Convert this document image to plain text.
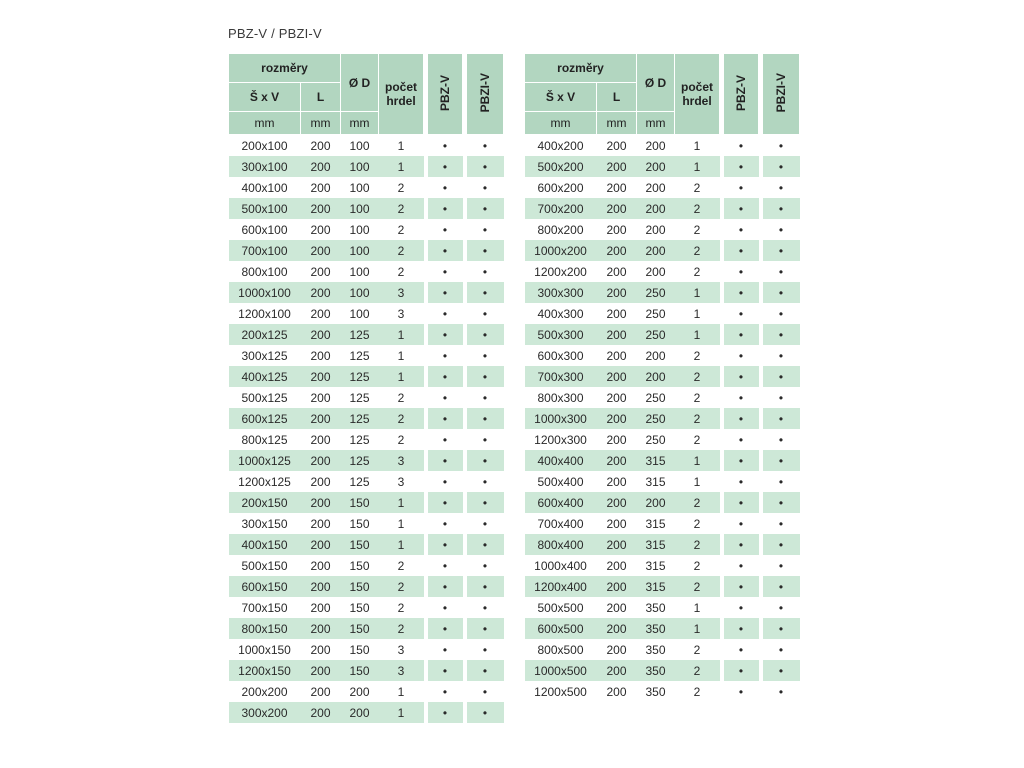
PBZ-V / PBZI-V
rozměry		Ø D	počet hrdel		PBZ-V		PBZI-V
Š x V	L						
mm	mm	mm					
200x100	200	100	1		•		•
300x100	200	100	1		•		•
400x100	200	100	2		•		•
500x100	200	100	2		•		•
600x100	200	100	2		•		•
700x100	200	100	2		•		•
800x100	200	100	2		•		•
1000x100	200	100	3		•		•
1200x100	200	100	3		•		•
200x125	200	125	1		•		•
300x125	200	125	1		•		•
400x125	200	125	1		•		•
500x125	200	125	2		•		•
600x125	200	125	2		•		•
800x125	200	125	2		•		•
1000x125	200	125	3		•		•
1200x125	200	125	3		•		•
200x150	200	150	1		•		•
300x150	200	150	1		•		•
400x150	200	150	1		•		•
500x150	200	150	2		•		•
600x150	200	150	2		•		•
700x150	200	150	2		•		•
800x150	200	150	2		•		•
1000x150	200	150	3		•		•
1200x150	200	150	3		•		•
200x200	200	200	1		•		•
300x200	200	200	1		•		•
rozměry		Ø D	počet hrdel		PBZ-V		PBZI-V
Š x V	L						
mm	mm	mm					
400x200	200	200	1		•		•
500x200	200	200	1		•		•
600x200	200	200	2		•		•
700x200	200	200	2		•		•
800x200	200	200	2		•		•
1000x200	200	200	2		•		•
1200x200	200	200	2		•		•
300x300	200	250	1		•		•
400x300	200	250	1		•		•
500x300	200	250	1		•		•
600x300	200	200	2		•		•
700x300	200	200	2		•		•
800x300	200	250	2		•		•
1000x300	200	250	2		•		•
1200x300	200	250	2		•		•
400x400	200	315	1		•		•
500x400	200	315	1		•		•
600x400	200	200	2		•		•
700x400	200	315	2		•		•
800x400	200	315	2		•		•
1000x400	200	315	2		•		•
1200x400	200	315	2		•		•
500x500	200	350	1		•		•
600x500	200	350	1		•		•
800x500	200	350	2		•		•
1000x500	200	350	2		•		•
1200x500	200	350	2		•		•
